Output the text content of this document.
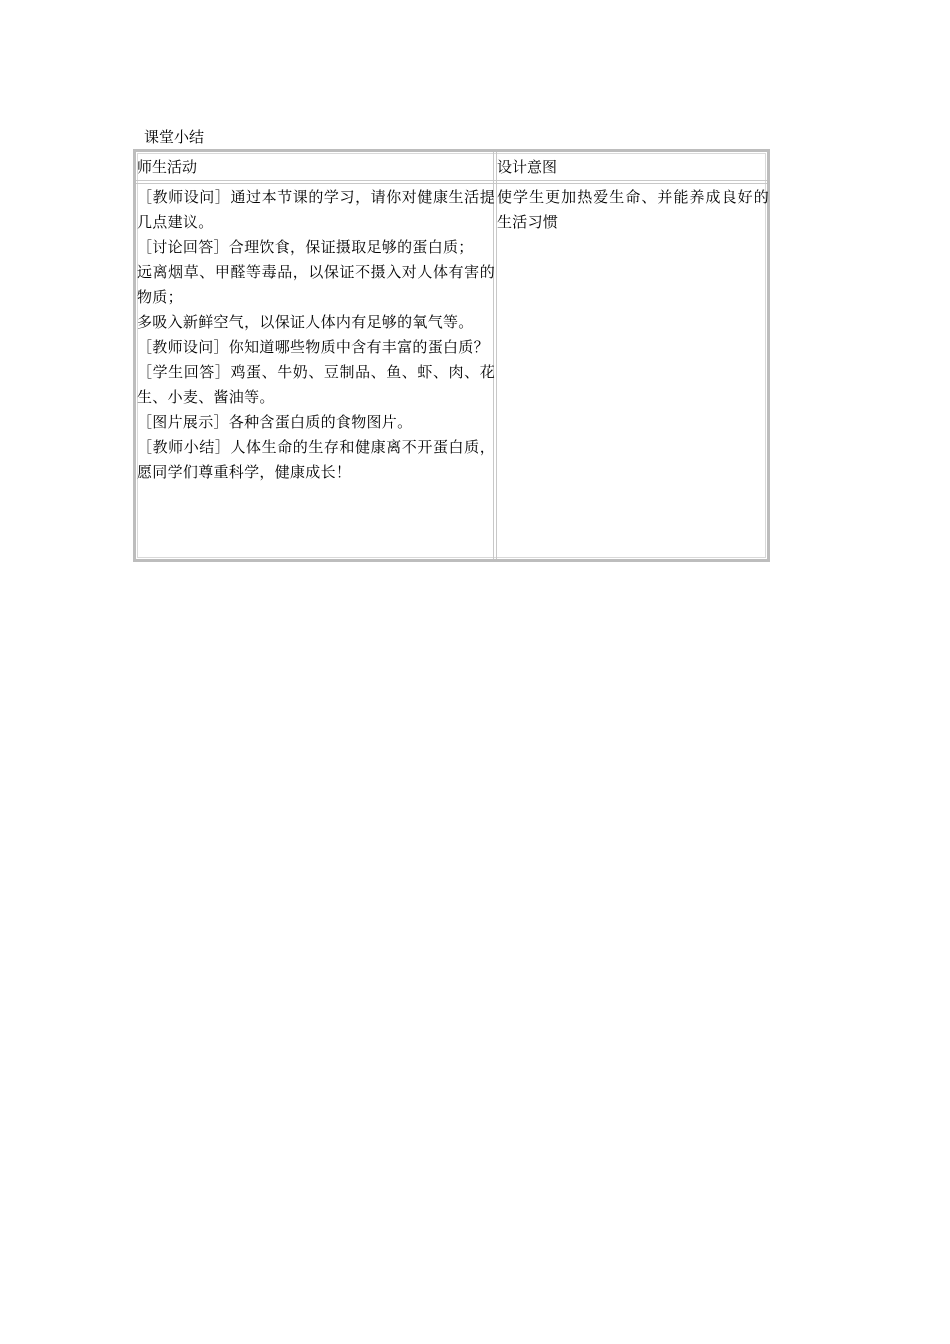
课堂小结
师生活动	设计意图
［教师设问］通过本节课的学习，请你对健康生活提几点建议。
［讨论回答］合理饮食，保证摄取足够的蛋白质；
远离烟草、甲醛等毒品，以保证不摄入对人体有害的物质；
多吸入新鲜空气，以保证人体内有足够的氧气等。
［教师设问］你知道哪些物质中含有丰富的蛋白质？
［学生回答］鸡蛋、牛奶、豆制品、鱼、虾、肉、花生、小麦、酱油等。
［图片展示］各种含蛋白质的食物图片。
［教师小结］人体生命的生存和健康离不开蛋白质，愿同学们尊重科学，健康成长！
使学生更加热爱生命、并能养成良好的生活习惯
